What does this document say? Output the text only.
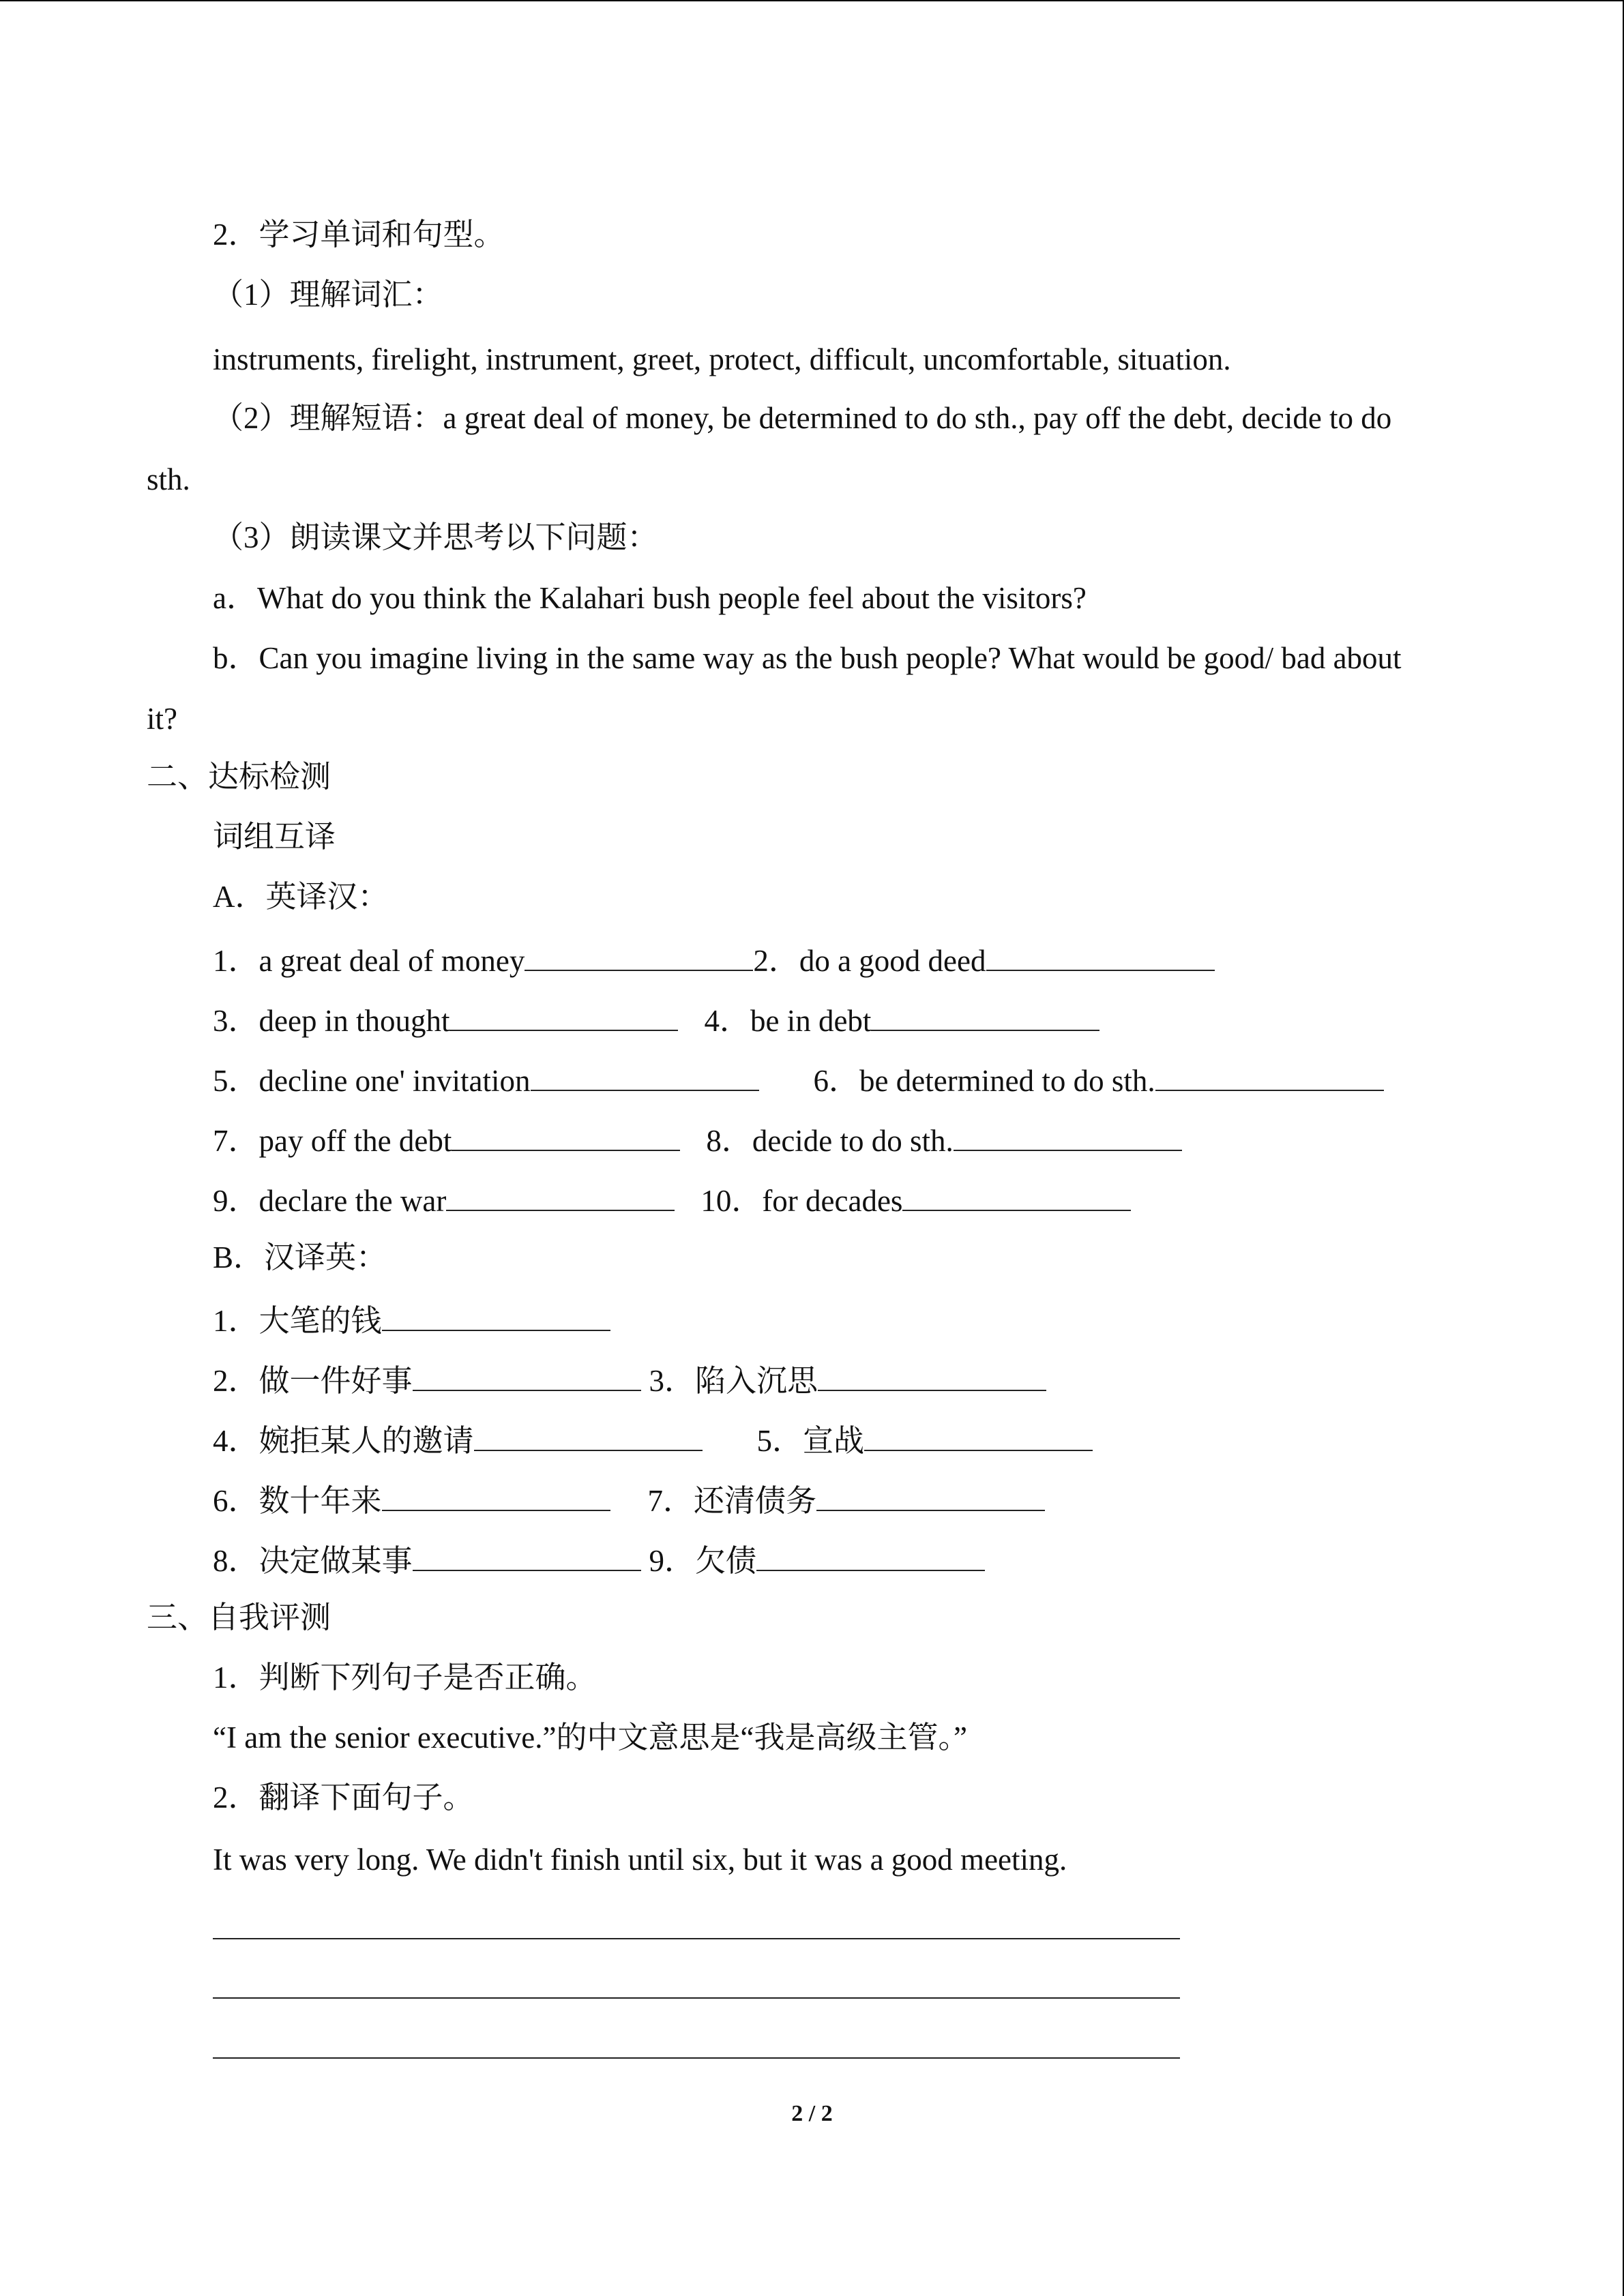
2．学习单词和句型。
（1）理解词汇：
instruments, firelight, instrument, greet, protect, difficult, uncomfortable, situation.
（2）理解短语：a great deal of money, be determined to do sth., pay off the debt, decide to do
sth.
（3）朗读课文并思考以下问题：
a．What do you think the Kalahari bush people feel about the visitors?
b．Can you imagine living in the same way as the bush people? What would be good/ bad about
it?
二、达标检测
词组互译
A．英译汉：
1．a great deal of money	2．do a good deed
3．deep in thought	4．be in debt
5．decline one' invitation	6．be determined to do sth.
7．pay off the debt	8．decide to do sth.
9．declare the war	10．for decades
B．汉译英：
1．大笔的钱
2．做一件好事	3．陷入沉思
4．婉拒某人的邀请	5．宣战
6．数十年来	7．还清债务
8．决定做某事	9．欠债
三、自我评测
1．判断下列句子是否正确。
“I am the senior executive.”的中文意思是“我是高级主管。”
2．翻译下面句子。
It was very long. We didn't finish until six, but it was a good meeting.
2 / 2
